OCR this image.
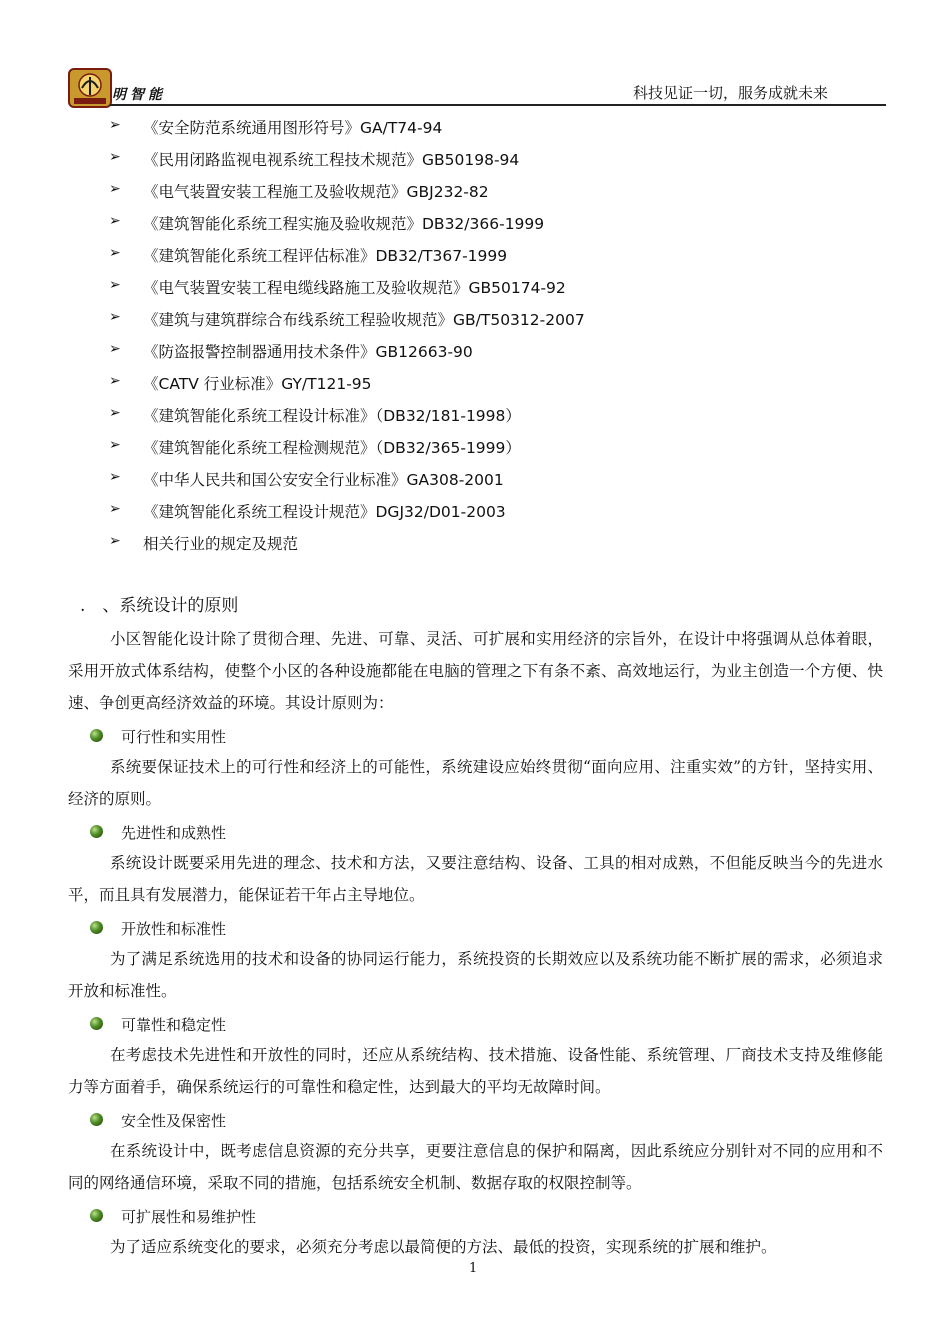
明智能	科技见证一切，服务成就未来
➢ 《安全防范系统通用图形符号》GA/T74-94
➢ 《民用闭路监视电视系统工程技术规范》GB50198-94
➢ 《电气装置安装工程施工及验收规范》GBJ232-82
➢ 《建筑智能化系统工程实施及验收规范》DB32/366-1999
➢ 《建筑智能化系统工程评估标准》DB32/T367-1999
➢ 《电气装置安装工程电缆线路施工及验收规范》GB50174-92
➢ 《建筑与建筑群综合布线系统工程验收规范》GB/T50312-2007
➢ 《防盗报警控制器通用技术条件》GB12663-90
➢ 《CATV 行业标准》GY/T121-95
➢ 《建筑智能化系统工程设计标准》（DB32/181-1998）
➢ 《建筑智能化系统工程检测规范》（DB32/365-1999）
➢ 《中华人民共和国公安安全行业标准》GA308-2001
➢ 《建筑智能化系统工程设计规范》DGJ32/D01-2003
➢ 相关行业的规定及规范
.　、系统设计的原则

小区智能化设计除了贯彻合理、先进、可靠、灵活、可扩展和实用经济的宗旨外，在设计中将强调从总体着眼，采用开放式体系结构，使整个小区的各种设施都能在电脑的管理之下有条不紊、高效地运行，为业主创造一个方便、快速、争创更高经济效益的环境。其设计原则为：

可行性和实用性

系统要保证技术上的可行性和经济上的可能性，系统建设应始终贯彻“面向应用、注重实效”的方针，坚持实用、经济的原则。

先进性和成熟性

系统设计既要采用先进的理念、技术和方法，又要注意结构、设备、工具的相对成熟，不但能反映当今的先进水平，而且具有发展潜力，能保证若干年占主导地位。

开放性和标准性

为了满足系统选用的技术和设备的协同运行能力，系统投资的长期效应以及系统功能不断扩展的需求，必须追求开放和标准性。

可靠性和稳定性

在考虑技术先进性和开放性的同时，还应从系统结构、技术措施、设备性能、系统管理、厂商技术支持及维修能力等方面着手，确保系统运行的可靠性和稳定性，达到最大的平均无故障时间。

安全性及保密性

在系统设计中，既考虑信息资源的充分共享，更要注意信息的保护和隔离，因此系统应分别针对不同的应用和不同的网络通信环境，采取不同的措施，包括系统安全机制、数据存取的权限控制等。

可扩展性和易维护性

为了适应系统变化的要求，必须充分考虑以最简便的方法、最低的投资，实现系统的扩展和维护。

1
